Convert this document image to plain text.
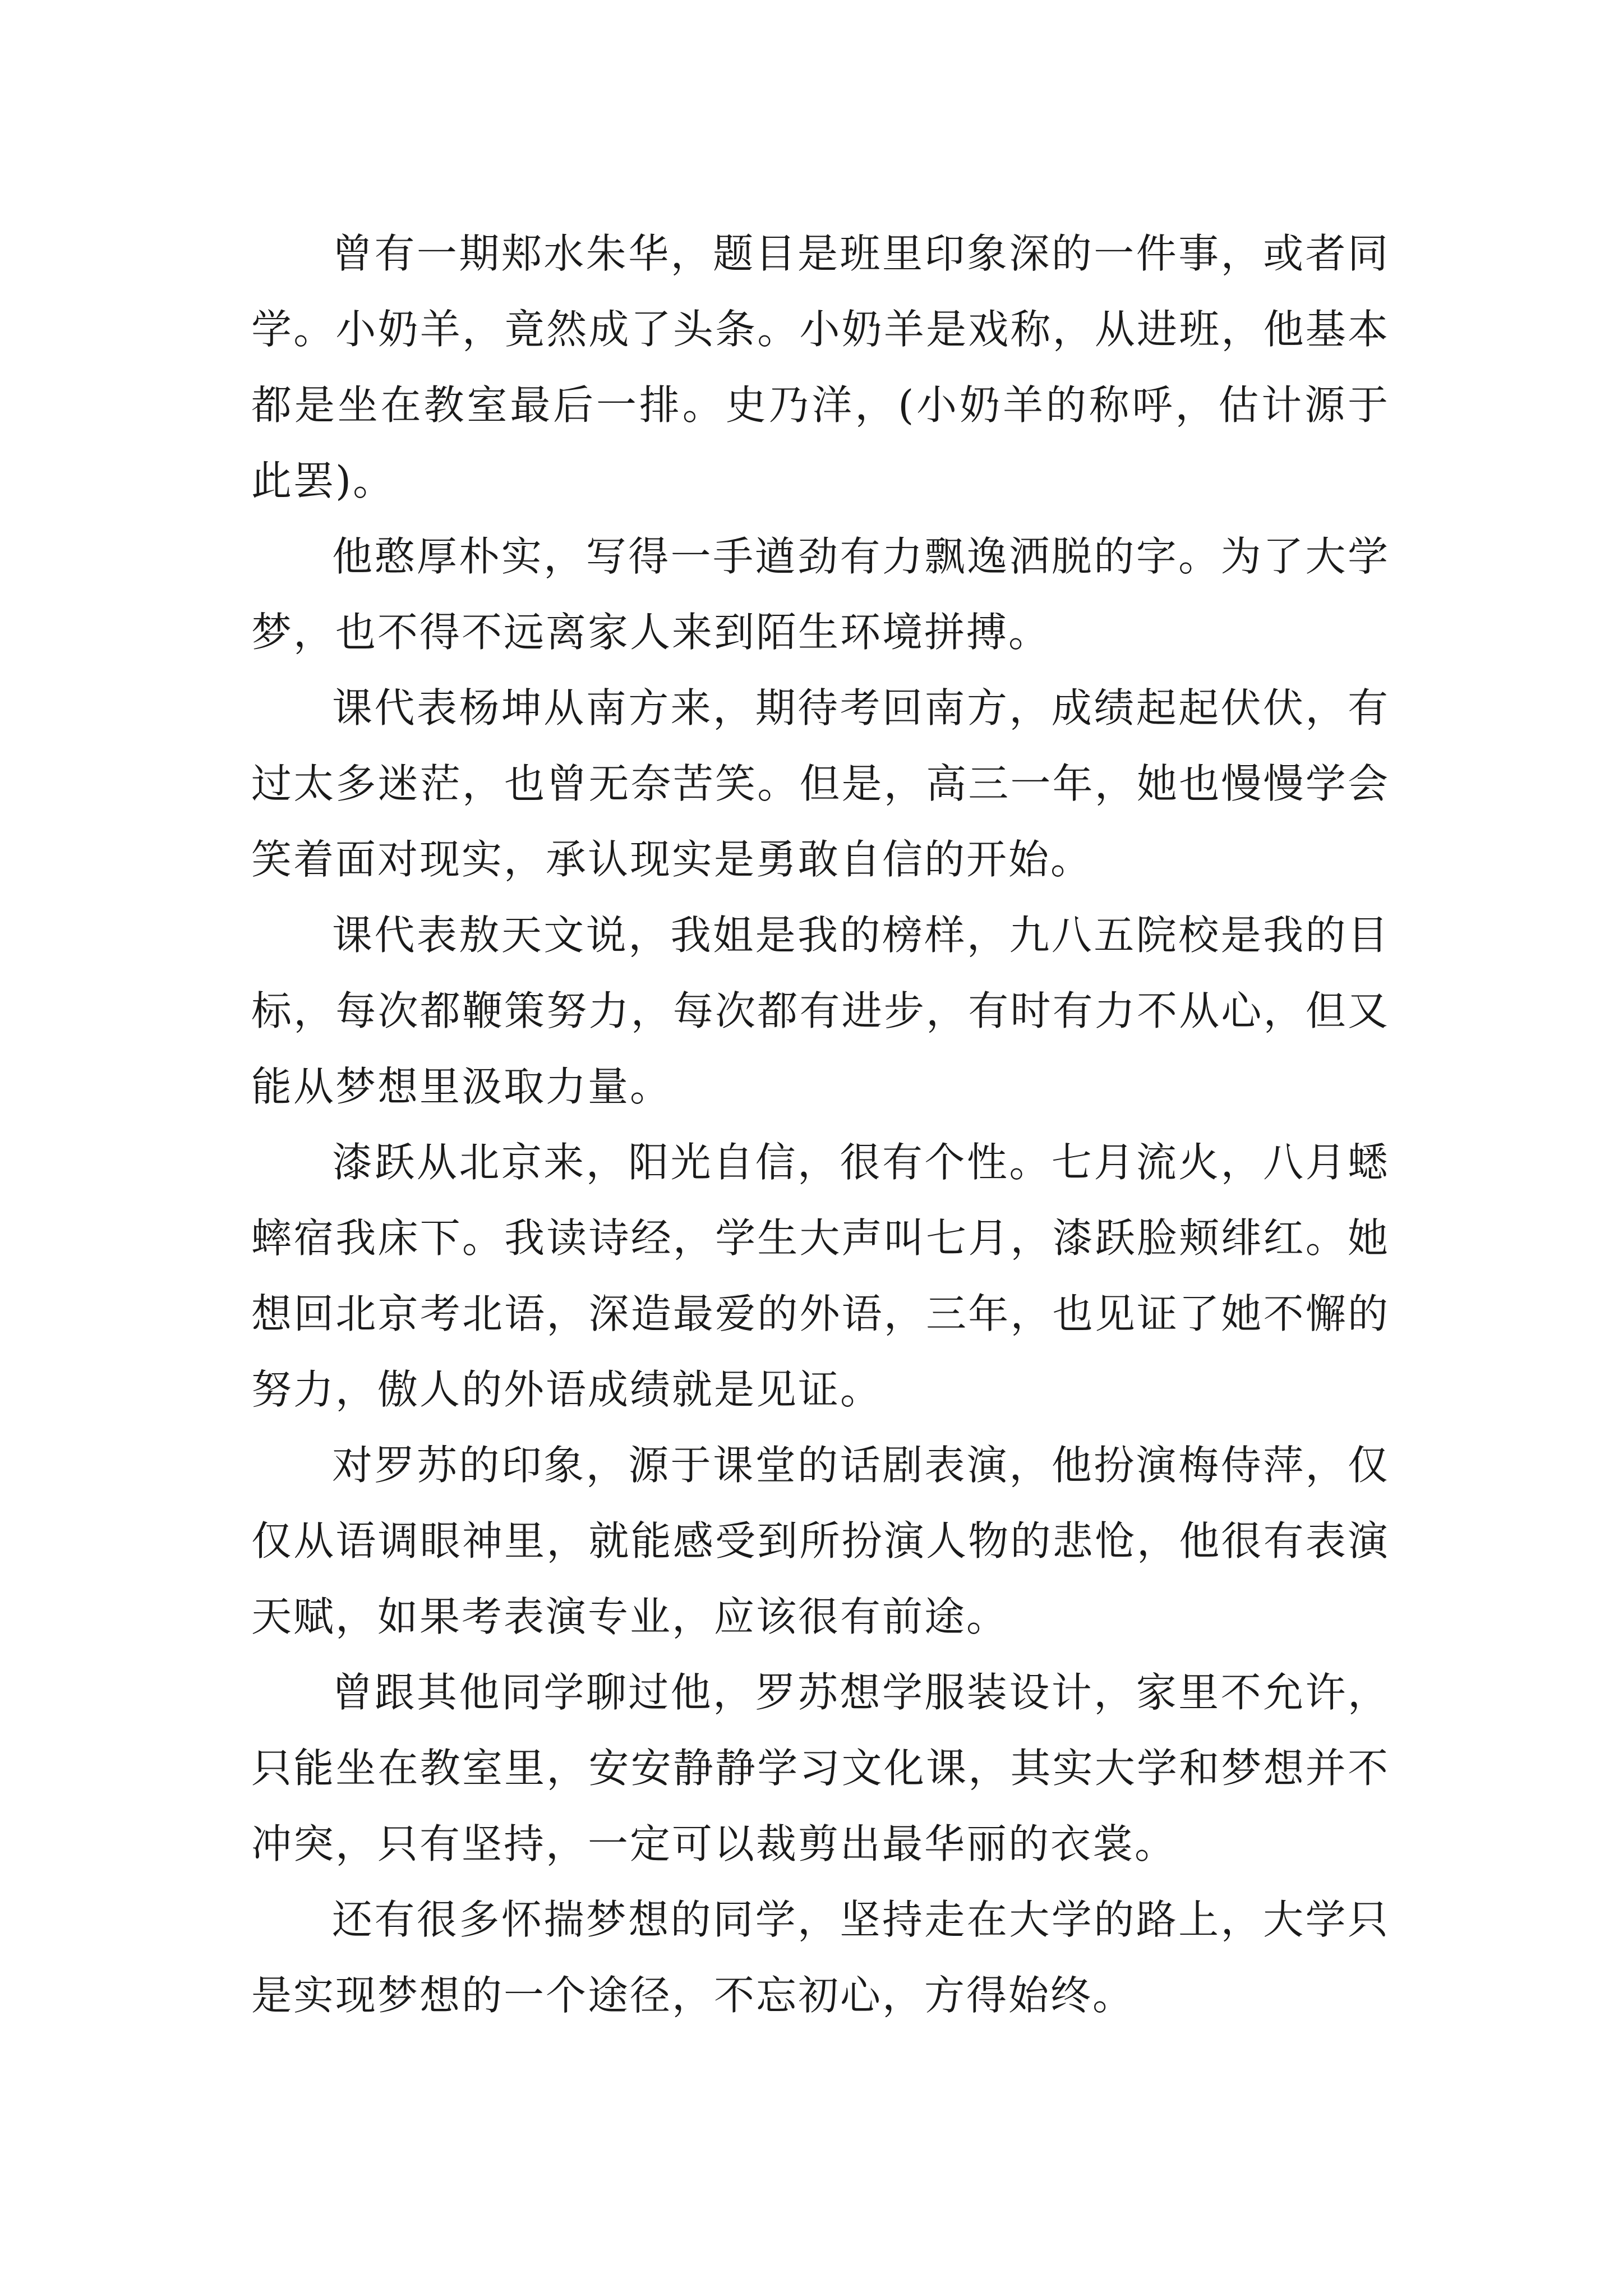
曾有一期郏水朱华，题目是班里印象深的一件事，或者同学。小奶羊，竟然成了头条。小奶羊是戏称，从进班，他基本都是坐在教室最后一排。史乃洋，(小奶羊的称呼，估计源于此罢)。

他憨厚朴实，写得一手遒劲有力飘逸洒脱的字。为了大学梦，也不得不远离家人来到陌生环境拼搏。

课代表杨坤从南方来，期待考回南方，成绩起起伏伏，有过太多迷茫，也曾无奈苦笑。但是，高三一年，她也慢慢学会笑着面对现实，承认现实是勇敢自信的开始。

课代表敖天文说，我姐是我的榜样，九八五院校是我的目标，每次都鞭策努力，每次都有进步，有时有力不从心，但又能从梦想里汲取力量。

漆跃从北京来，阳光自信，很有个性。七月流火，八月蟋蟀宿我床下。我读诗经，学生大声叫七月，漆跃脸颊绯红。她想回北京考北语，深造最爱的外语，三年，也见证了她不懈的努力，傲人的外语成绩就是见证。

对罗苏的印象，源于课堂的话剧表演，他扮演梅侍萍，仅仅从语调眼神里，就能感受到所扮演人物的悲怆，他很有表演天赋，如果考表演专业，应该很有前途。

曾跟其他同学聊过他，罗苏想学服装设计，家里不允许，只能坐在教室里，安安静静学习文化课，其实大学和梦想并不冲突，只有坚持，一定可以裁剪出最华丽的衣裳。

还有很多怀揣梦想的同学，坚持走在大学的路上，大学只是实现梦想的一个途径，不忘初心，方得始终。
